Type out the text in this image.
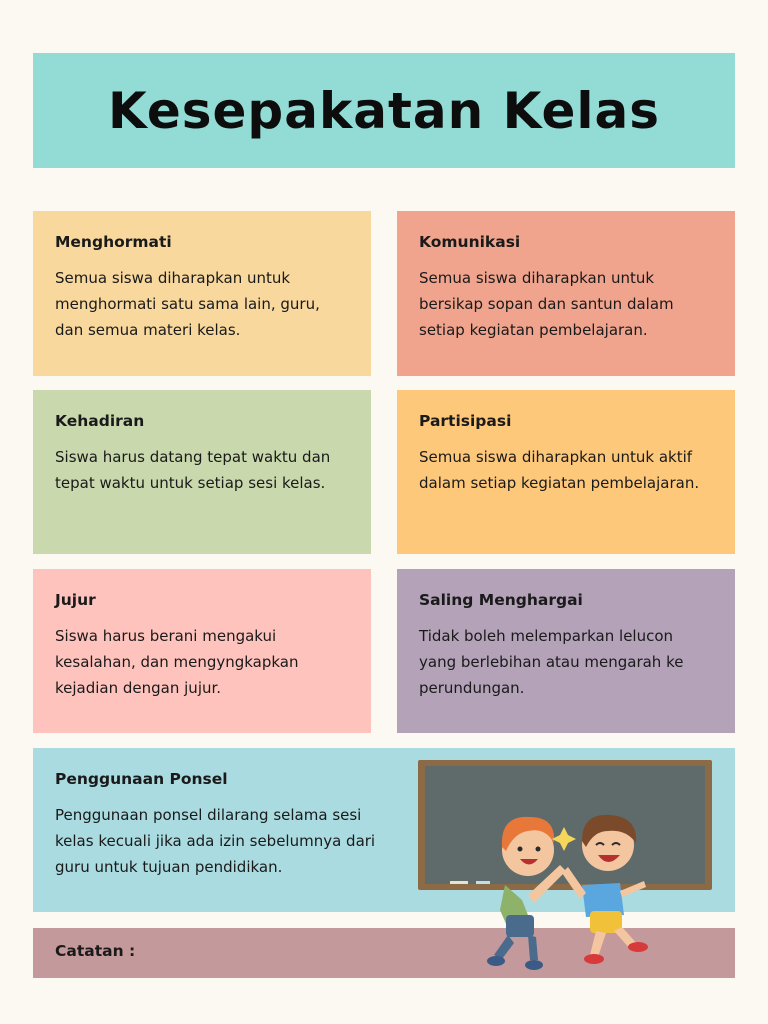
Kesepakatan Kelas

Menghormati

Semua siswa diharapkan untuk menghormati satu sama lain, guru, dan semua materi kelas.

Komunikasi

Semua siswa diharapkan untuk bersikap sopan dan santun dalam setiap kegiatan pembelajaran.

Kehadiran

Siswa harus datang tepat waktu dan tepat waktu untuk setiap sesi kelas.

Partisipasi

Semua siswa diharapkan untuk aktif dalam setiap kegiatan pembelajaran.

Jujur

Siswa harus berani mengakui kesalahan, dan mengyngkapkan kejadian dengan jujur.

Saling Menghargai

Tidak boleh melemparkan lelucon yang berlebihan atau mengarah ke perundungan.

Penggunaan Ponsel

Penggunaan ponsel dilarang selama sesi kelas kecuali jika ada izin sebelumnya dari guru untuk tujuan pendidikan.

Catatan :
